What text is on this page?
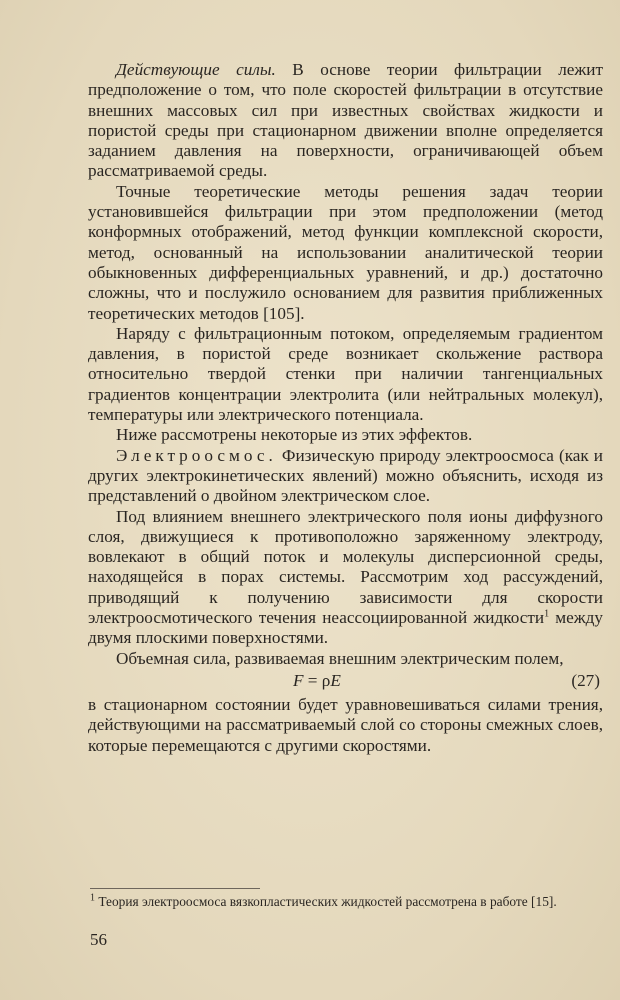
Действующие силы. В основе теории фильтрации лежит предположение о том, что поле скоростей фильтрации в отсутствие внешних массовых сил при известных свойствах жидкости и пористой среды при стационарном движении вполне определяется заданием давления на поверхности, ограничивающей объем рассматриваемой среды.

Точные теоретические методы решения задач теории установившейся фильтрации при этом предположении (метод конформных отображений, метод функции комплексной скорости, метод, основанный на использовании аналитической теории обыкновенных дифференциальных уравнений, и др.) достаточно сложны, что и послужило основанием для развития приближенных теоретических методов [105].

Наряду с фильтрационным потоком, определяемым градиентом давления, в пористой среде возникает скольжение раствора относительно твердой стенки при наличии тангенциальных градиентов концентрации электролита (или нейтральных молекул), температуры или электрического потенциала.

Ниже рассмотрены некоторые из этих эффектов.

Электроосмос. Физическую природу электроосмоса (как и других электрокинетических явлений) можно объяснить, исходя из представлений о двойном электрическом слое.

Под влиянием внешнего электрического поля ионы диффузного слоя, движущиеся к противоположно заряженному электроду, вовлекают в общий поток и молекулы дисперсионной среды, находящейся в порах системы. Рассмотрим ход рассуждений, приводящий к получению зависимости для скорости электроосмотического течения неассоциированной жидкости$^1$ между двумя плоскими поверхностями.

Объемная сила, развиваемая внешним электрическим полем,

F = ρE	(27)

в стационарном состоянии будет уравновешиваться силами трения, действующими на рассматриваемый слой со стороны смежных слоев, которые перемещаются с другими скоростями.

$^1$ Теория электроосмоса вязкопластических жидкостей рассмотрена в работе [15].
56
